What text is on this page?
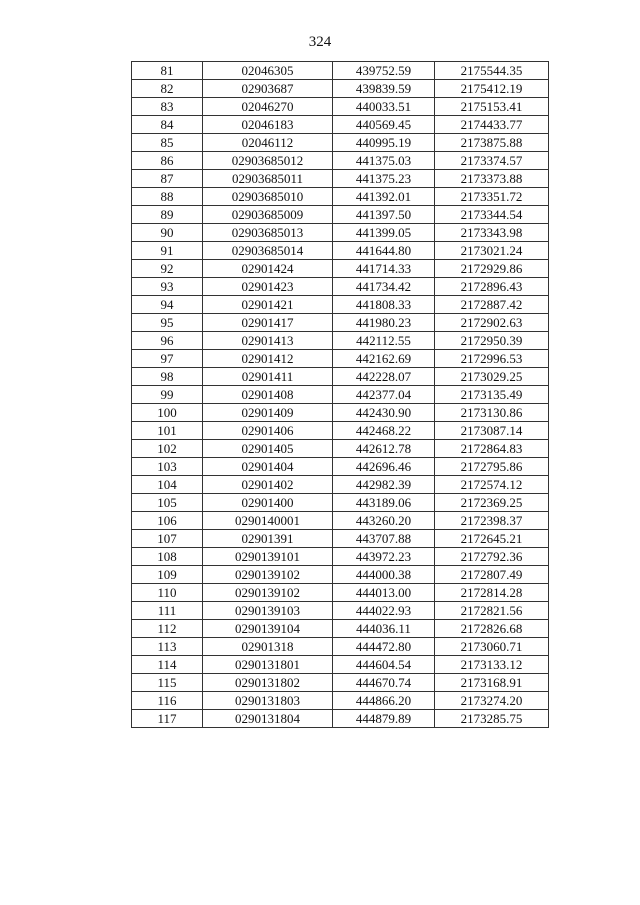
324
81	02046305	439752.59	2175544.35
82	02903687	439839.59	2175412.19
83	02046270	440033.51	2175153.41
84	02046183	440569.45	2174433.77
85	02046112	440995.19	2173875.88
86	02903685012	441375.03	2173374.57
87	02903685011	441375.23	2173373.88
88	02903685010	441392.01	2173351.72
89	02903685009	441397.50	2173344.54
90	02903685013	441399.05	2173343.98
91	02903685014	441644.80	2173021.24
92	02901424	441714.33	2172929.86
93	02901423	441734.42	2172896.43
94	02901421	441808.33	2172887.42
95	02901417	441980.23	2172902.63
96	02901413	442112.55	2172950.39
97	02901412	442162.69	2172996.53
98	02901411	442228.07	2173029.25
99	02901408	442377.04	2173135.49
100	02901409	442430.90	2173130.86
101	02901406	442468.22	2173087.14
102	02901405	442612.78	2172864.83
103	02901404	442696.46	2172795.86
104	02901402	442982.39	2172574.12
105	02901400	443189.06	2172369.25
106	0290140001	443260.20	2172398.37
107	02901391	443707.88	2172645.21
108	0290139101	443972.23	2172792.36
109	0290139102	444000.38	2172807.49
110	0290139102	444013.00	2172814.28
111	0290139103	444022.93	2172821.56
112	0290139104	444036.11	2172826.68
113	02901318	444472.80	2173060.71
114	0290131801	444604.54	2173133.12
115	0290131802	444670.74	2173168.91
116	0290131803	444866.20	2173274.20
117	0290131804	444879.89	2173285.75
